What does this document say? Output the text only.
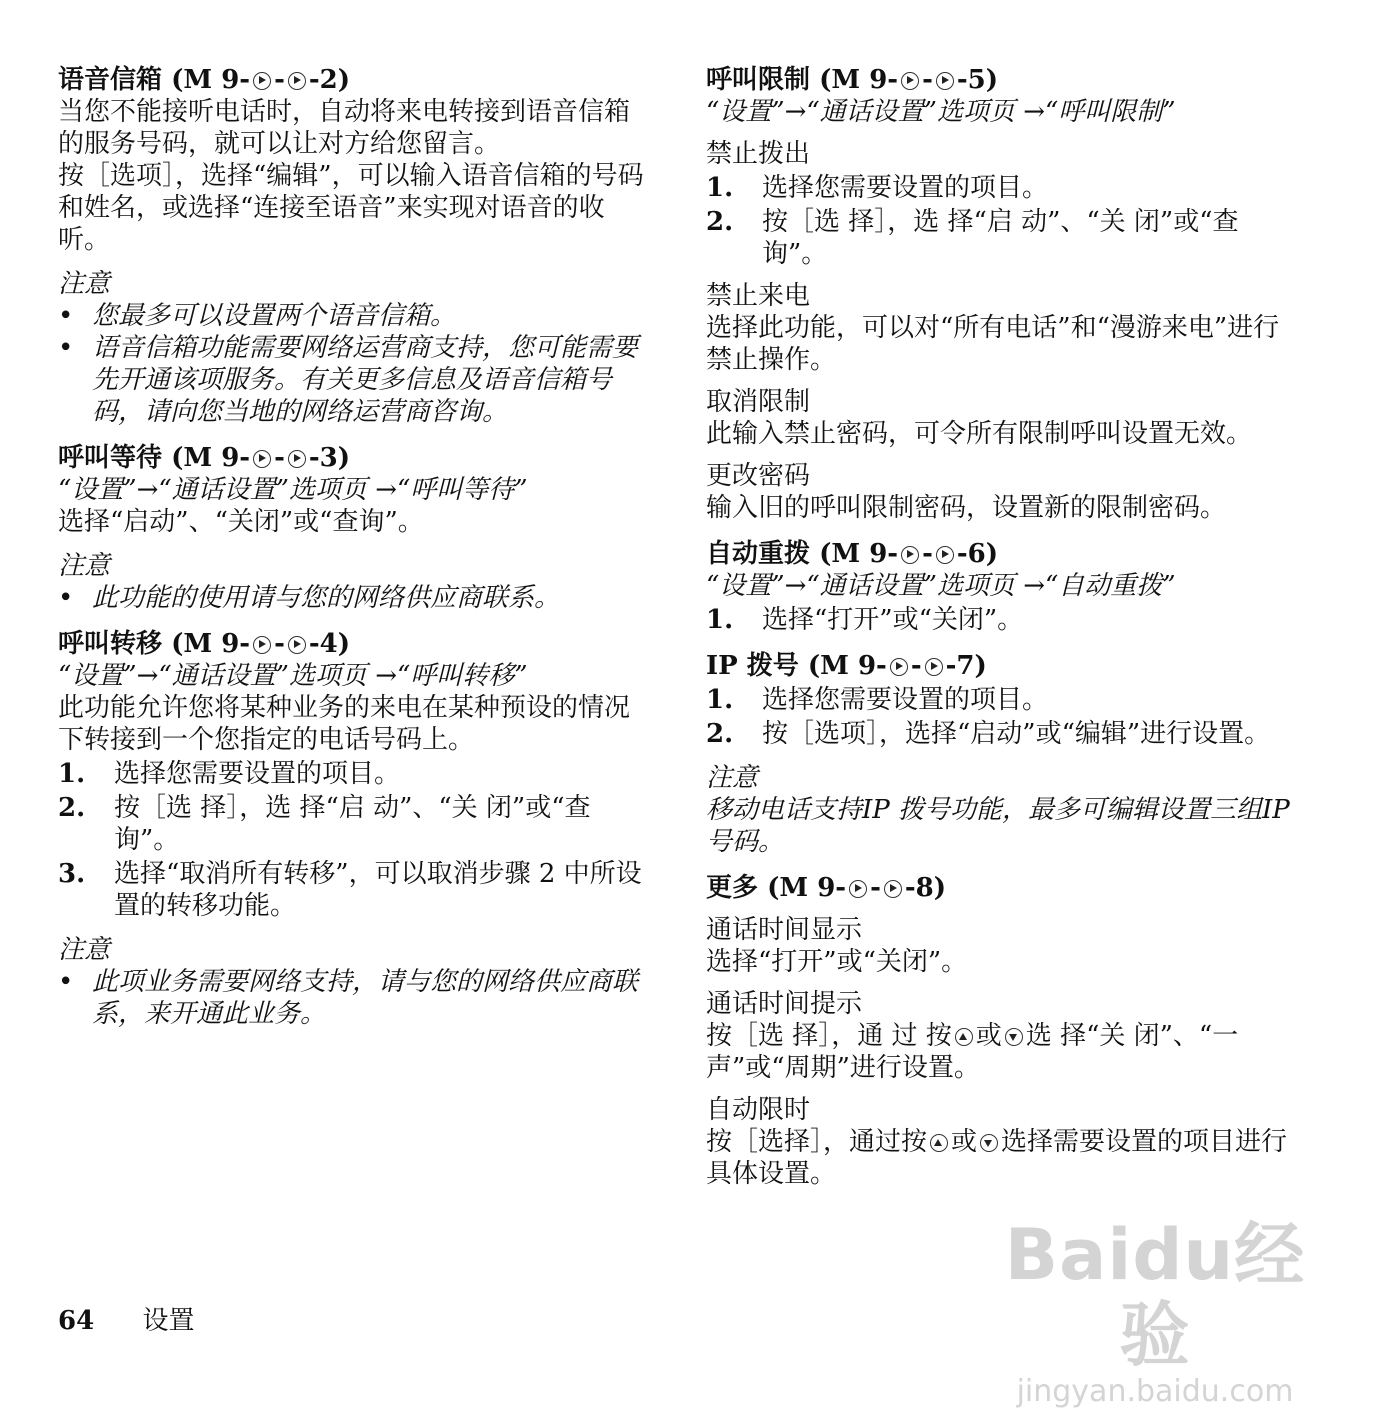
语音信箱 (M 9- - -2)

当您不能接听电话时，自动将来电转接到语音信箱的服务号码，就可以让对方给您留言。

按［选项］，选择“编辑”，可以输入语音信箱的号码和姓名，或选择“连接至语音”来实现对语音的收听。

注意

• 您最多可以设置两个语音信箱。
• 语音信箱功能需要网络运营商支持，您可能需要先开通该项服务。有关更多信息及语音信箱号码，请向您当地的网络运营商咨询。

呼叫等待 (M 9- - -3)

“设置”→“通话设置”选项页 →“呼叫等待”

选择“启动”、“关闭”或“查询”。

注意

• 此功能的使用请与您的网络供应商联系。

呼叫转移 (M 9- - -4)

“设置”→“通话设置”选项页 →“呼叫转移”

此功能允许您将某种业务的来电在某种预设的情况下转接到一个您指定的电话号码上。

1. 选择您需要设置的项目。
2. 按［选 择］，选 择“启 动”、“关 闭”或“查询”。
3. 选择“取消所有转移”，可以取消步骤 2 中所设置的转移功能。

注意

• 此项业务需要网络支持，请与您的网络供应商联系，来开通此业务。

呼叫限制 (M 9- - -5)

“设置”→“通话设置”选项页 →“呼叫限制”

禁止拨出

1. 选择您需要设置的项目。
2. 按［选 择］，选 择“启 动”、“关 闭”或“查询”。

禁止来电

选择此功能，可以对“所有电话”和“漫游来电”进行禁止操作。

取消限制

此输入禁止密码，可令所有限制呼叫设置无效。

更改密码

输入旧的呼叫限制密码，设置新的限制密码。

自动重拨 (M 9- - -6)

“设置”→“通话设置”选项页 →“自动重拨”

1. 选择“打开”或“关闭”。

IP 拨号 (M 9- - -7)

1. 选择您需要设置的项目。
2. 按［选项］，选择“启动”或“编辑”进行设置。

注意

移动电话支持IP 拨号功能，最多可编辑设置三组IP 号码。

更多 (M 9- - -8)

通话时间显示

选择“打开”或“关闭”。

通话时间提示

按［选 择］，通 过 按 或 选 择“关 闭”、“一声”或“周期”进行设置。

自动限时

按［选择］，通过按 或 选择需要设置的项目进行具体设置。

64 设置
Baidu经验
jingyan.baidu.com
